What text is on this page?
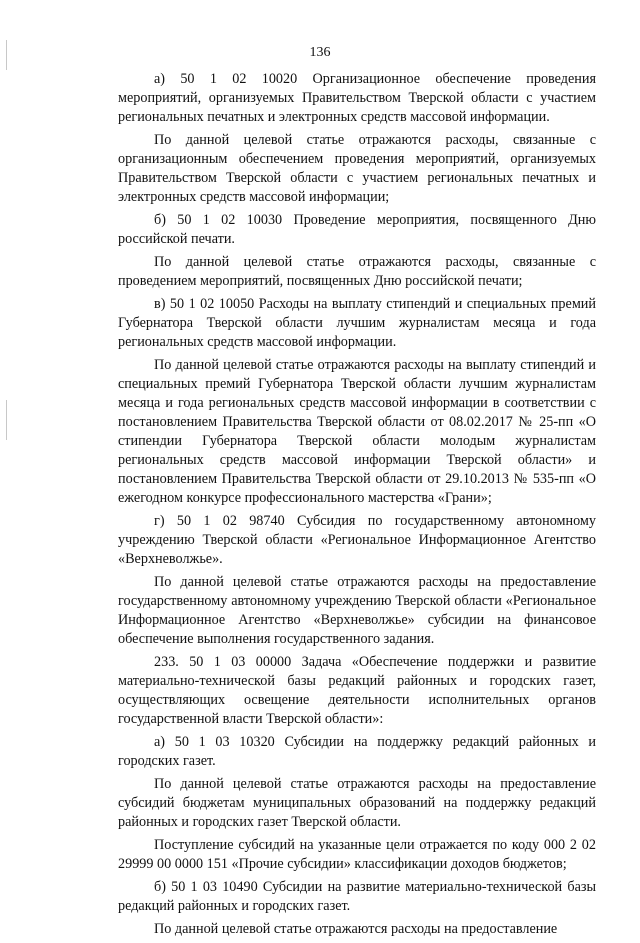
136

а) 50 1 02 10020 Организационное обеспечение проведения мероприятий, организуемых Правительством Тверской области с участием региональных печатных и электронных средств массовой информации.

По данной целевой статье отражаются расходы, связанные с организационным обеспечением проведения мероприятий, организуемых Правительством Тверской области с участием региональных печатных и электронных средств массовой информации;

б) 50 1 02 10030 Проведение мероприятия, посвященного Дню российской печати.

По данной целевой статье отражаются расходы, связанные с проведением мероприятий, посвященных Дню российской печати;

в) 50 1 02 10050 Расходы на выплату стипендий и специальных премий Губернатора Тверской области лучшим журналистам месяца и года региональных средств массовой информации.

По данной целевой статье отражаются расходы на выплату стипендий и специальных премий Губернатора Тверской области лучшим журналистам месяца и года региональных средств массовой информации в соответствии с постановлением Правительства Тверской области от 08.02.2017 № 25-пп «О стипендии Губернатора Тверской области молодым журналистам региональных средств массовой информации Тверской области» и постановлением Правительства Тверской области от 29.10.2013 № 535-пп «О ежегодном конкурсе профессионального мастерства «Грани»;

г) 50 1 02 98740 Субсидия по государственному автономному учреждению Тверской области «Региональное Информационное Агентство «Верхневолжье».

По данной целевой статье отражаются расходы на предоставление государственному автономному учреждению Тверской области «Региональное Информационное Агентство «Верхневолжье» субсидии на финансовое обеспечение выполнения государственного задания.

233. 50 1 03 00000 Задача «Обеспечение поддержки и развитие материально-технической базы редакций районных и городских газет, осуществляющих освещение деятельности исполнительных органов государственной власти Тверской области»:

а) 50 1 03 10320 Субсидии на поддержку редакций районных и городских газет.

По данной целевой статье отражаются расходы на предоставление субсидий бюджетам муниципальных образований на поддержку редакций районных и городских газет Тверской области.

Поступление субсидий на указанные цели отражается по коду 000 2 02 29999 00 0000 151 «Прочие субсидии» классификации доходов бюджетов;

б) 50 1 03 10490 Субсидии на развитие материально-технической базы редакций районных и городских газет.

По данной целевой статье отражаются расходы на предоставление
